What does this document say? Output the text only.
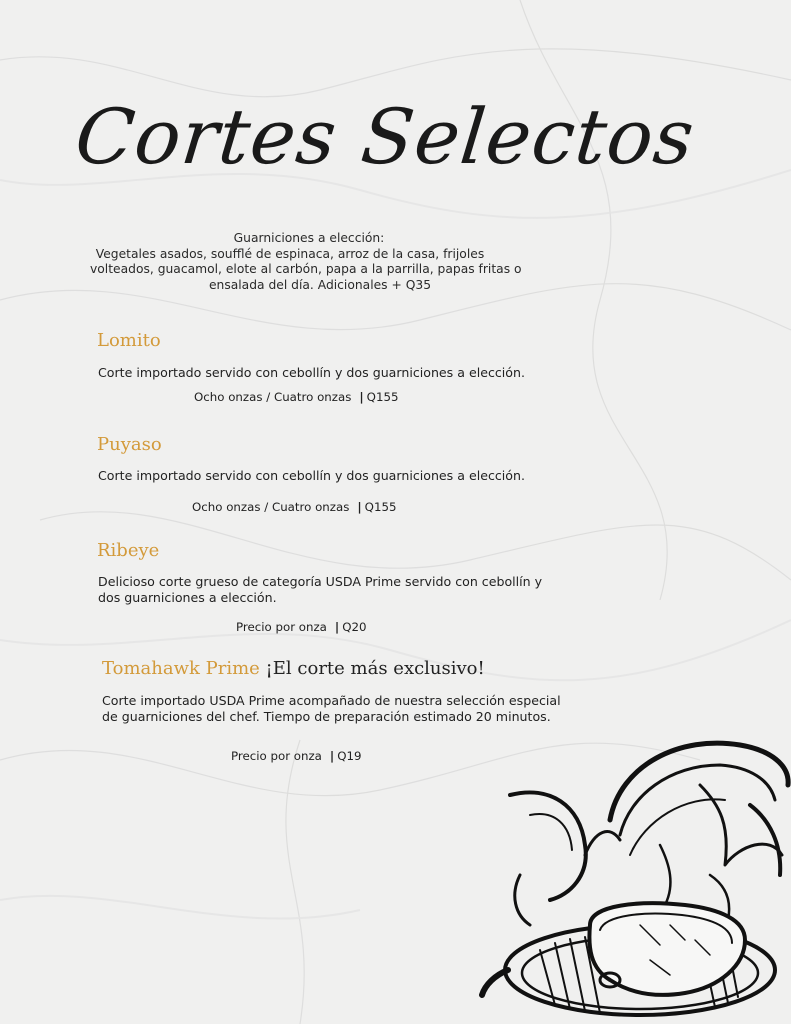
Cortes Selectos
Guarniciones a elección:
Vegetales asados, soufflé de espinaca, arroz de la casa, frijoles
volteados, guacamol, elote al carbón, papa a la parrilla, papas fritas o
ensalada del día. Adicionales + Q35
Lomito
Corte importado servido con cebollín y dos guarniciones a elección.
Ocho onzas / Cuatro onzas | Q155
Puyaso
Corte importado servido con cebollín y dos guarniciones a elección.
Ocho onzas / Cuatro onzas | Q155
Ribeye
Delicioso corte grueso de categoría USDA Prime servido con cebollín y
dos guarniciones a elección.
Precio por onza | Q20
Tomahawk Prime ¡El corte más exclusivo!
Corte importado USDA Prime acompañado de nuestra selección especial
de guarniciones del chef. Tiempo de preparación estimado 20 minutos.
Precio por onza | Q19
